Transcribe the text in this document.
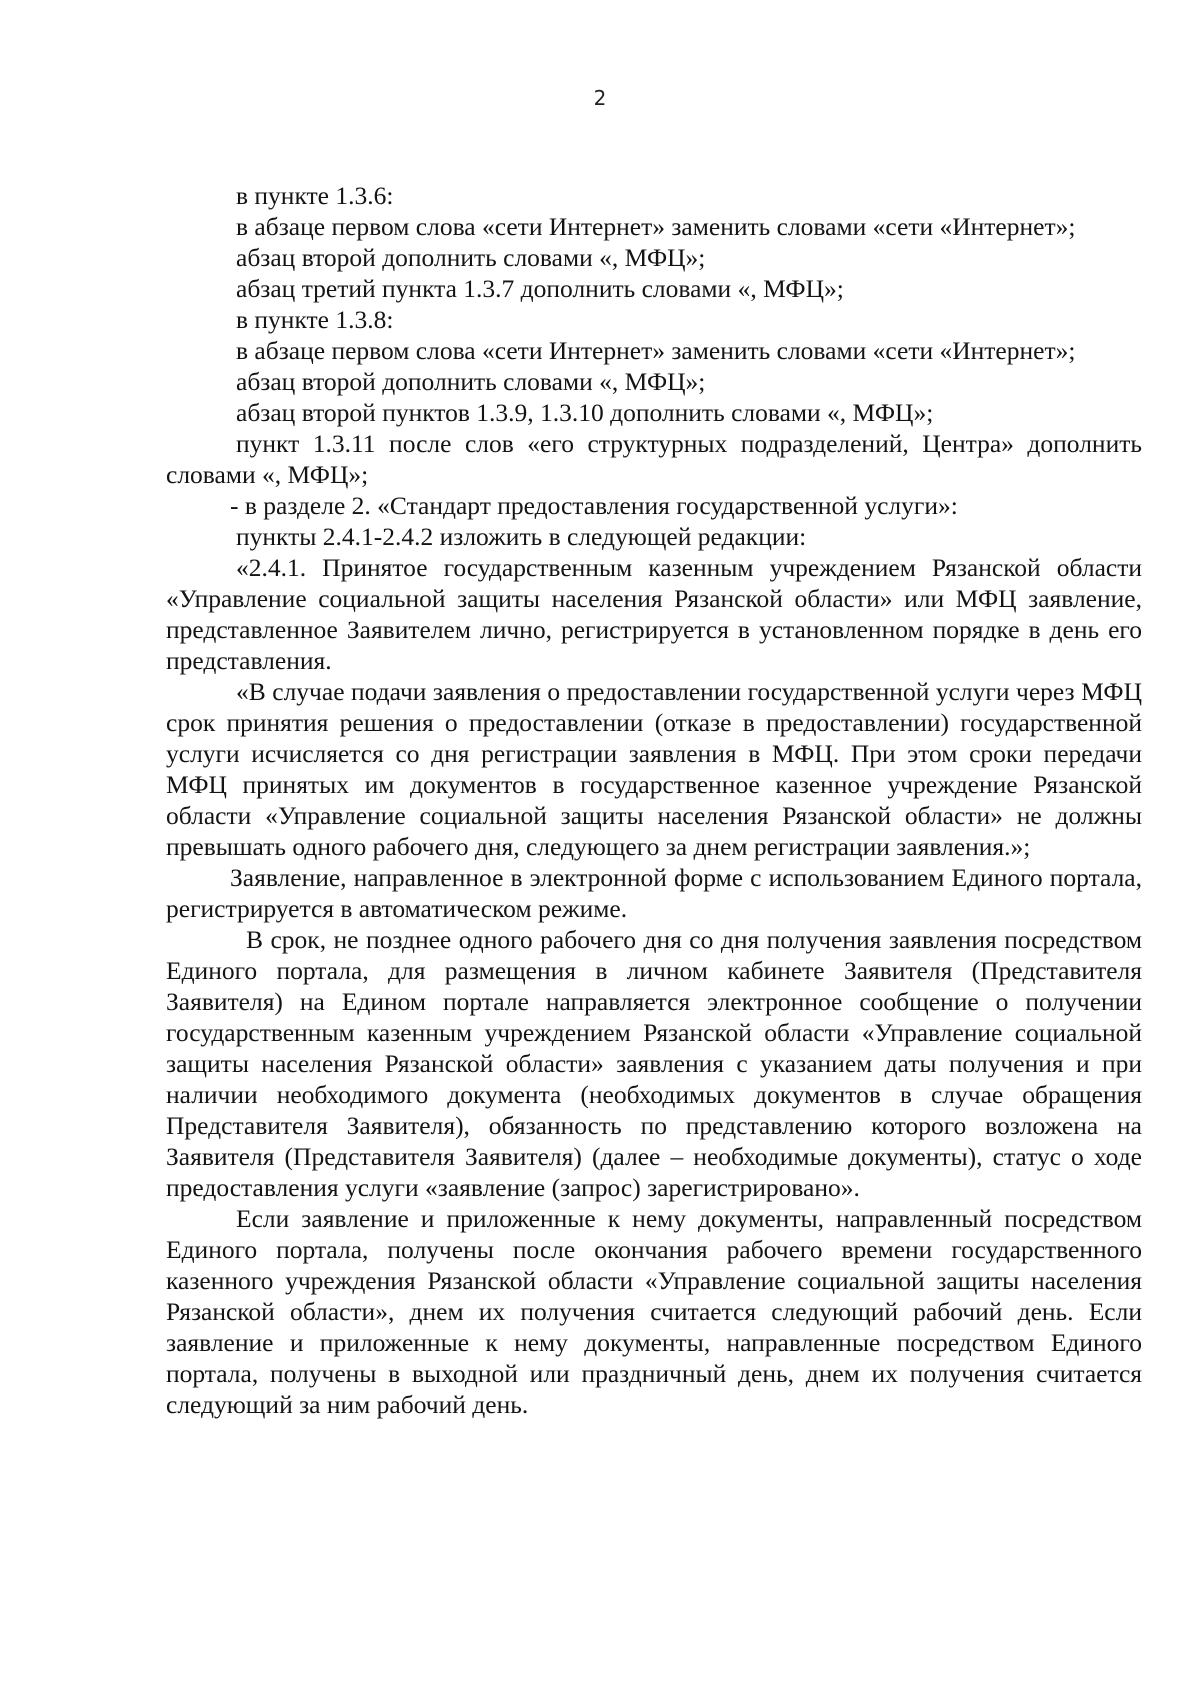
2

в пункте 1.3.6:

в абзаце первом слова «сети Интернет» заменить словами «сети «Интернет»;

абзац второй дополнить словами «, МФЦ»;

абзац третий пункта 1.3.7 дополнить словами «, МФЦ»;

в пункте 1.3.8:

в абзаце первом слова «сети Интернет» заменить словами «сети «Интернет»;

абзац второй дополнить словами «, МФЦ»;

абзац второй пунктов 1.3.9, 1.3.10 дополнить словами «, МФЦ»;

пункт 1.3.11 после слов «его структурных подразделений, Центра» дополнить словами «, МФЦ»;

- в разделе 2. «Стандарт предоставления государственной услуги»:

пункты 2.4.1-2.4.2 изложить в следующей редакции:

«2.4.1. Принятое государственным казенным учреждением Рязанской области «Управление социальной защиты населения Рязанской области» или МФЦ заявление, представленное Заявителем лично, регистрируется в установленном порядке в день его представления.

«В случае подачи заявления о предоставлении государственной услуги через МФЦ срок принятия решения о предоставлении (отказе в предоставлении) государственной услуги исчисляется со дня регистрации заявления в МФЦ. При этом сроки передачи МФЦ принятых им документов в государственное казенное учреждение Рязанской области «Управление социальной защиты населения Рязанской области» не должны превышать одного рабочего дня, следующего за днем регистрации заявления.»;

Заявление, направленное в электронной форме с использованием Единого портала, регистрируется в автоматическом режиме.

В срок, не позднее одного рабочего дня со дня получения заявления посредством Единого портала, для размещения в личном кабинете Заявителя (Представителя Заявителя) на Едином портале направляется электронное сообщение о получении государственным казенным учреждением Рязанской области «Управление социальной защиты населения Рязанской области» заявления с указанием даты получения и при наличии необходимого документа (необходимых документов в случае обращения Представителя Заявителя), обязанность по представлению которого возложена на Заявителя (Представителя Заявителя) (далее – необходимые документы), статус о ходе предоставления услуги «заявление (запрос) зарегистрировано».

Если заявление и приложенные к нему документы, направленный посредством Единого портала, получены после окончания рабочего времени государственного казенного учреждения Рязанской области «Управление социальной защиты населения Рязанской области», днем их получения считается следующий рабочий день. Если заявление и приложенные к нему документы, направленные посредством Единого портала, получены в выходной или праздничный день, днем их получения считается следующий за ним рабочий день.
